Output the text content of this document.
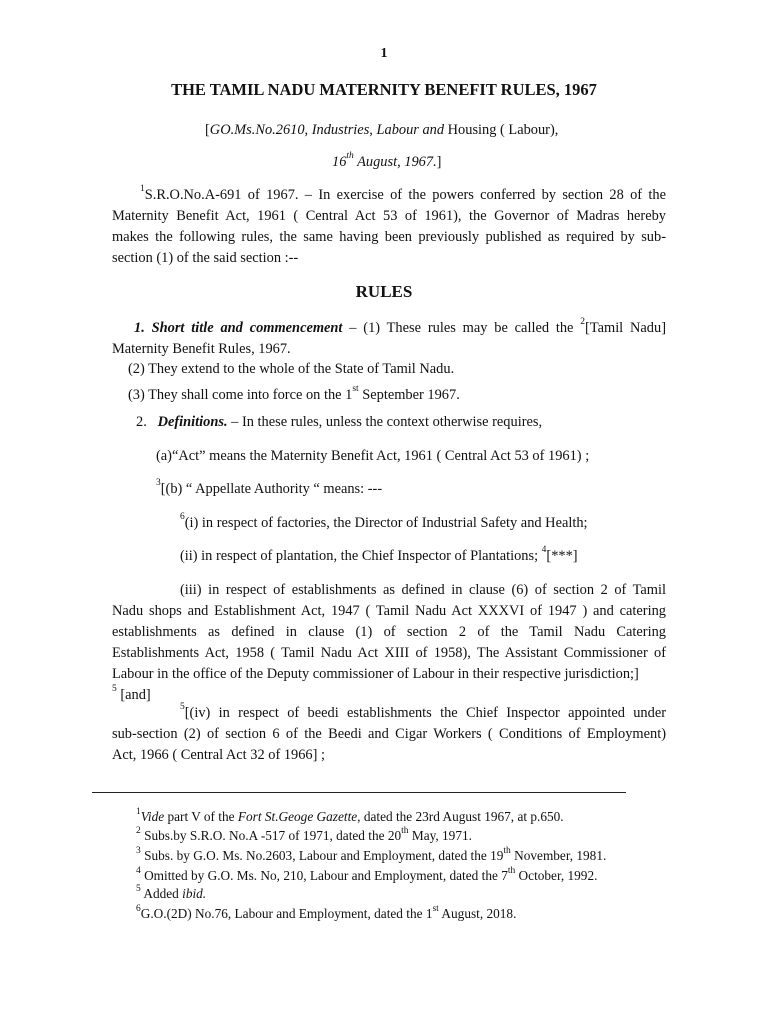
1
THE TAMIL NADU MATERNITY BENEFIT RULES, 1967
[GO.Ms.No.2610, Industries, Labour and Housing ( Labour),
16th August, 1967.]
$^1$S.R.O.No.A-691 of 1967. – In exercise of the powers conferred by section 28 of the
Maternity Benefit Act, 1961 ( Central Act 53 of 1961), the Governor of Madras hereby
makes the following rules, the same having been previously published as required by sub-
section (1) of the said section :--
RULES
1. Short title and commencement – (1) These rules may be called the $^2$[Tamil Nadu]
Maternity Benefit Rules, 1967.
(2) They extend to the whole of the State of Tamil Nadu.
(3) They shall come into force on the 1st September 1967.
2. Definitions. – In these rules, unless the context otherwise requires,
(a)“Act” means the Maternity Benefit Act, 1961 ( Central Act 53 of 1961) ;
$^3$[(b) “ Appellate Authority “ means: ---
$^6$(i) in respect of factories, the Director of Industrial Safety and Health;
(ii) in respect of plantation, the Chief Inspector of Plantations; $^4$[***]
(iii) in respect of establishments as defined in clause (6) of section 2 of Tamil
Nadu shops and Establishment Act, 1947 ( Tamil Nadu Act XXXVI of 1947 ) and catering
establishments as defined in clause (1) of section 2 of the Tamil Nadu Catering
Establishments Act, 1958 ( Tamil Nadu Act XIII of 1958), The Assistant Commissioner of
Labour in the office of the Deputy commissioner of Labour in their respective jurisdiction;]
$^5$ [and]
$^5$[(iv) in respect of beedi establishments the Chief Inspector appointed under
sub-section (2) of section 6 of the Beedi and Cigar Workers ( Conditions of Employment)
Act, 1966 ( Central Act 32 of 1966] ;
$^1$Vide part V of the Fort St.Geoge Gazette, dated the 23rd August 1967, at p.650.
$^2$ Subs.by S.R.O. No.A -517 of 1971, dated the 20th May, 1971.
$^3$ Subs. by G.O. Ms. No.2603, Labour and Employment, dated the 19th November, 1981.
$^4$ Omitted by G.O. Ms. No, 210, Labour and Employment, dated the 7th October, 1992.
$^5$ Added ibid.
$^6$G.O.(2D) No.76, Labour and Employment, dated the 1st August, 2018.
